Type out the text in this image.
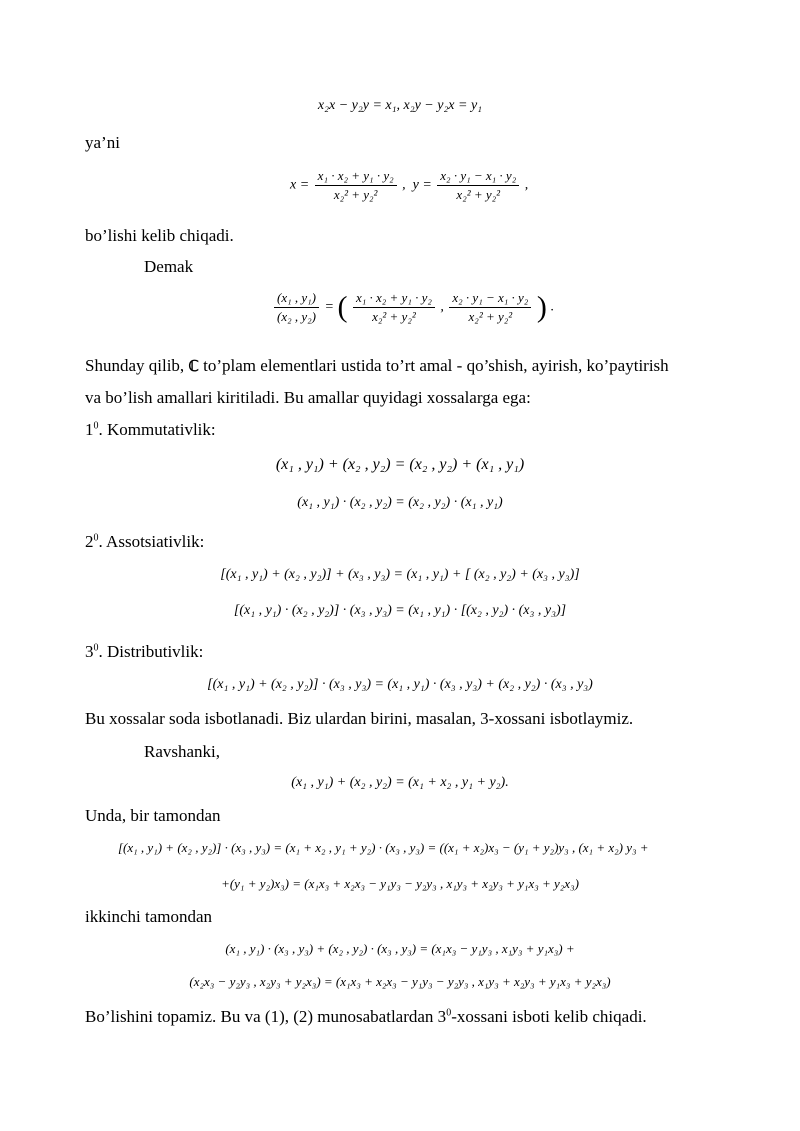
x₂x − y₂y = x₁, x₂y − y₂x = y₁
ya’ni
$x = \frac{\text{x₁ · x₂ + y₁ · y₂}}{\text{x₂² + y₂²}}$ ,  $y = \frac{\text{x₂ · y₁ − x₁ · y₂}}{\text{x₂² + y₂²}}$ ,
bo’lishi kelib chiqadi.
Demak
$\frac{\text{(x₁ , y₁)}}{\text{(x₂ , y₂)}}$ = ( $\frac{\text{x₁ · x₂ + y₁ · y₂}}{\text{x₂² + y₂²}}$ , $\frac{\text{x₂ · y₁ − x₁ · y₂}}{\text{x₂² + y₂²}}$ ) .
Shunday qilib, ℂ to’plam elementlari ustida to’rt amal - qo’shish, ayirish, ko’paytirish
va bo’lish amallari kiritiladi. Bu amallar quyidagi xossalarga ega:
$1^0$. Kommutativlik:
(x₁ , y₁) + (x₂ , y₂) = (x₂ , y₂) + (x₁ , y₁)
(x₁ , y₁) · (x₂ , y₂) = (x₂ , y₂) · (x₁ , y₁)
$2^0$. Assotsiativlik:
[(x₁ , y₁) + (x₂ , y₂)] + (x₃ , y₃) = (x₁ , y₁) + [ (x₂ , y₂) + (x₃ , y₃)]
[(x₁ , y₁) · (x₂ , y₂)] · (x₃ , y₃) = (x₁ , y₁) · [(x₂ , y₂) · (x₃ , y₃)]
$3^0$. Distributivlik:
[(x₁ , y₁) + (x₂ , y₂)] · (x₃ , y₃) = (x₁ , y₁) · (x₃ , y₃) + (x₂ , y₂) · (x₃ , y₃)
Bu xossalar soda isbotlanadi. Biz ulardan birini, masalan, 3-xossani isbotlaymiz.
Ravshanki,
(x₁ , y₁) + (x₂ , y₂) = (x₁ + x₂ , y₁ + y₂).
Unda, bir tamondan
[(x₁ , y₁) + (x₂ , y₂)] · (x₃ , y₃) = (x₁ + x₂ , y₁ + y₂) · (x₃ , y₃) = ((x₁ + x₂)x₃ − (y₁ + y₂)y₃ , (x₁ + x₂) y₃ +
+(y₁ + y₂)x₃) = (x₁x₃ + x₂x₃ − y₁y₃ − y₂y₃ , x₁y₃ + x₂y₃ + y₁x₃ + y₂x₃)
ikkinchi tamondan
(x₁ , y₁) · (x₃ , y₃) + (x₂ , y₂) · (x₃ , y₃) = (x₁x₃ − y₁y₃ , x₁y₃ + y₁x₃) +
(x₂x₃ − y₂y₃ , x₂y₃ + y₂x₃) = (x₁x₃ + x₂x₃ − y₁y₃ − y₂y₃ , x₁y₃ + x₂y₃ + y₁x₃ + y₂x₃)
Bo’lishini topamiz. Bu va (1), (2) munosabatlardan $3^0$-xossani isboti kelib chiqadi.
